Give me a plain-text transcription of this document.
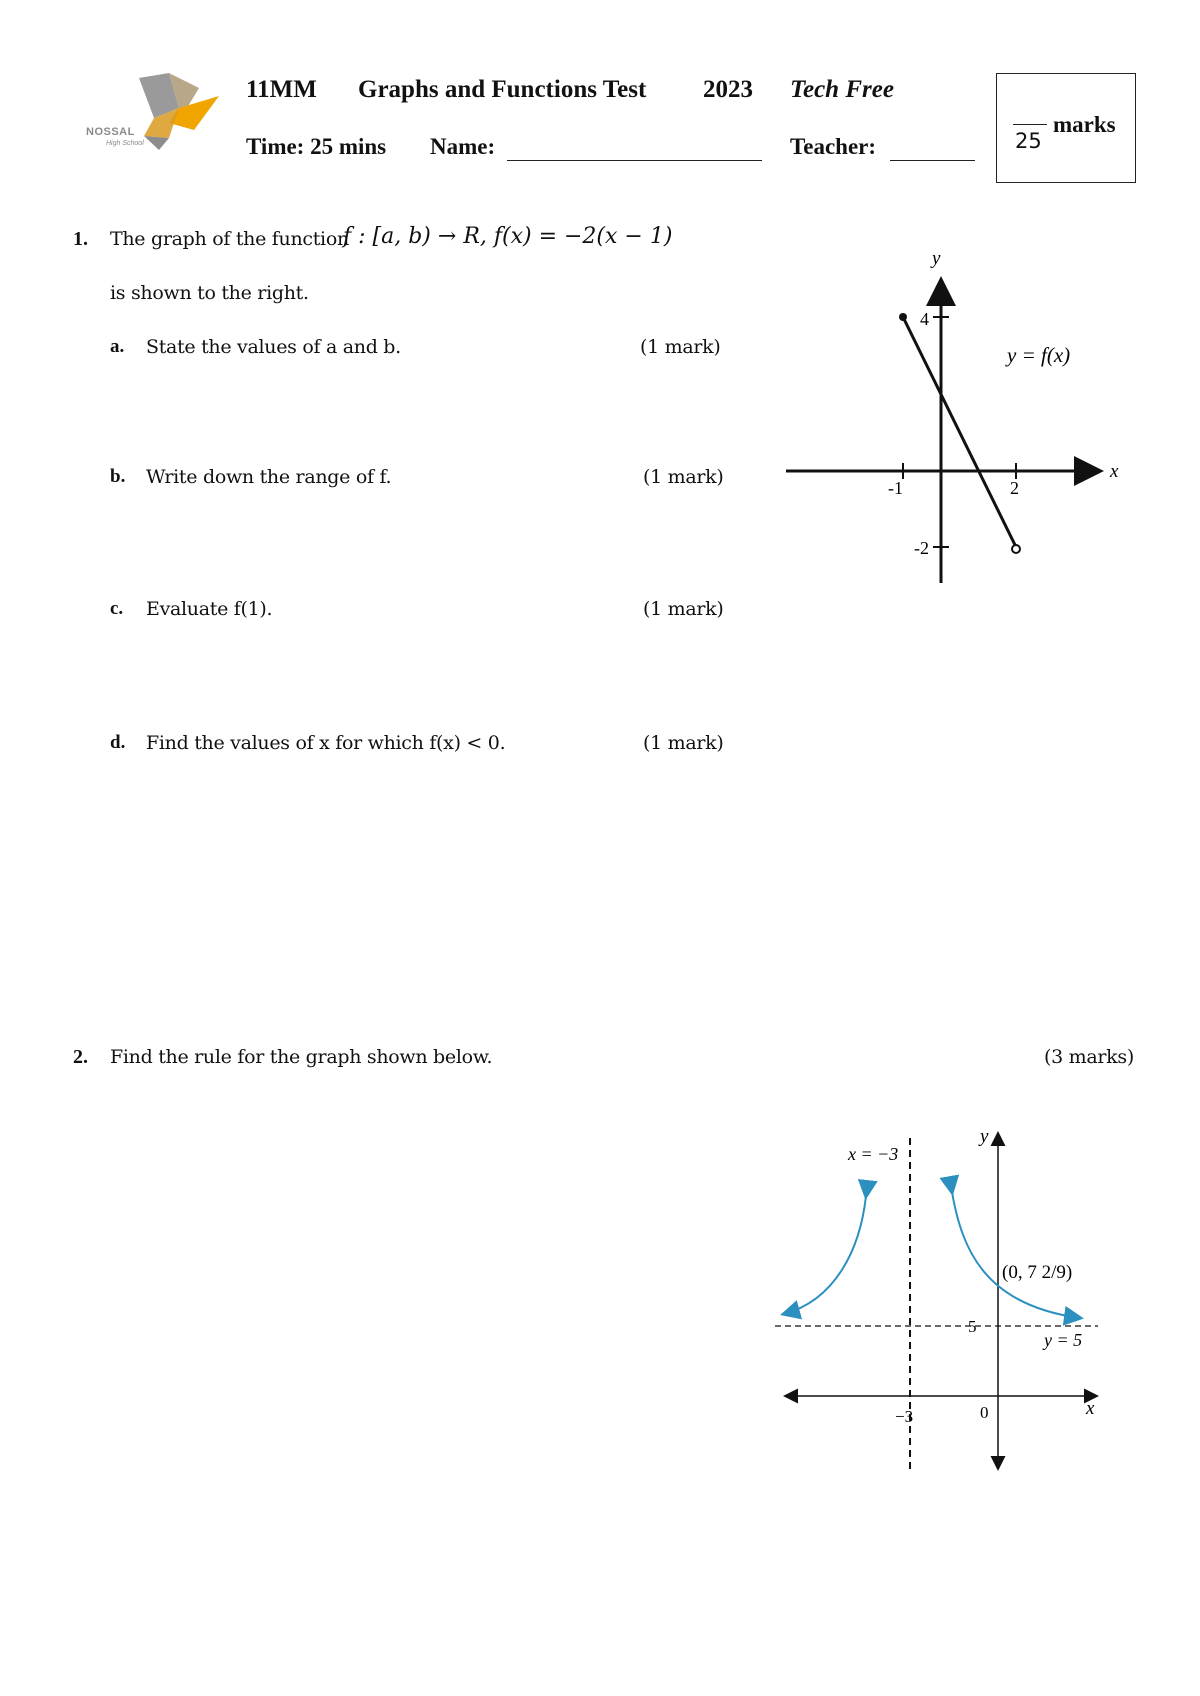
NOSSAL
High School
11MM Graphs and Functions Test 2023 Tech Free
Time: 25 mins Name:	Teacher:	25
marks
1. The graph of the function
f : [a, b) → R, f(x) = −2(x − 1)
is shown to the right.
a. State the values of a and b.	(1 mark)
b. Write down the range of f.	(1 mark)
c. Evaluate f(1).	(1 mark)
d. Find the values of x for which f(x) < 0.	(1 mark)
x
y
-1	2
4
-2
y = f(x)
2. Find the rule for the graph shown below.	(3 marks)
x
y
x = −3
y = 5
−3
5
0
(0, 7 2/9)
